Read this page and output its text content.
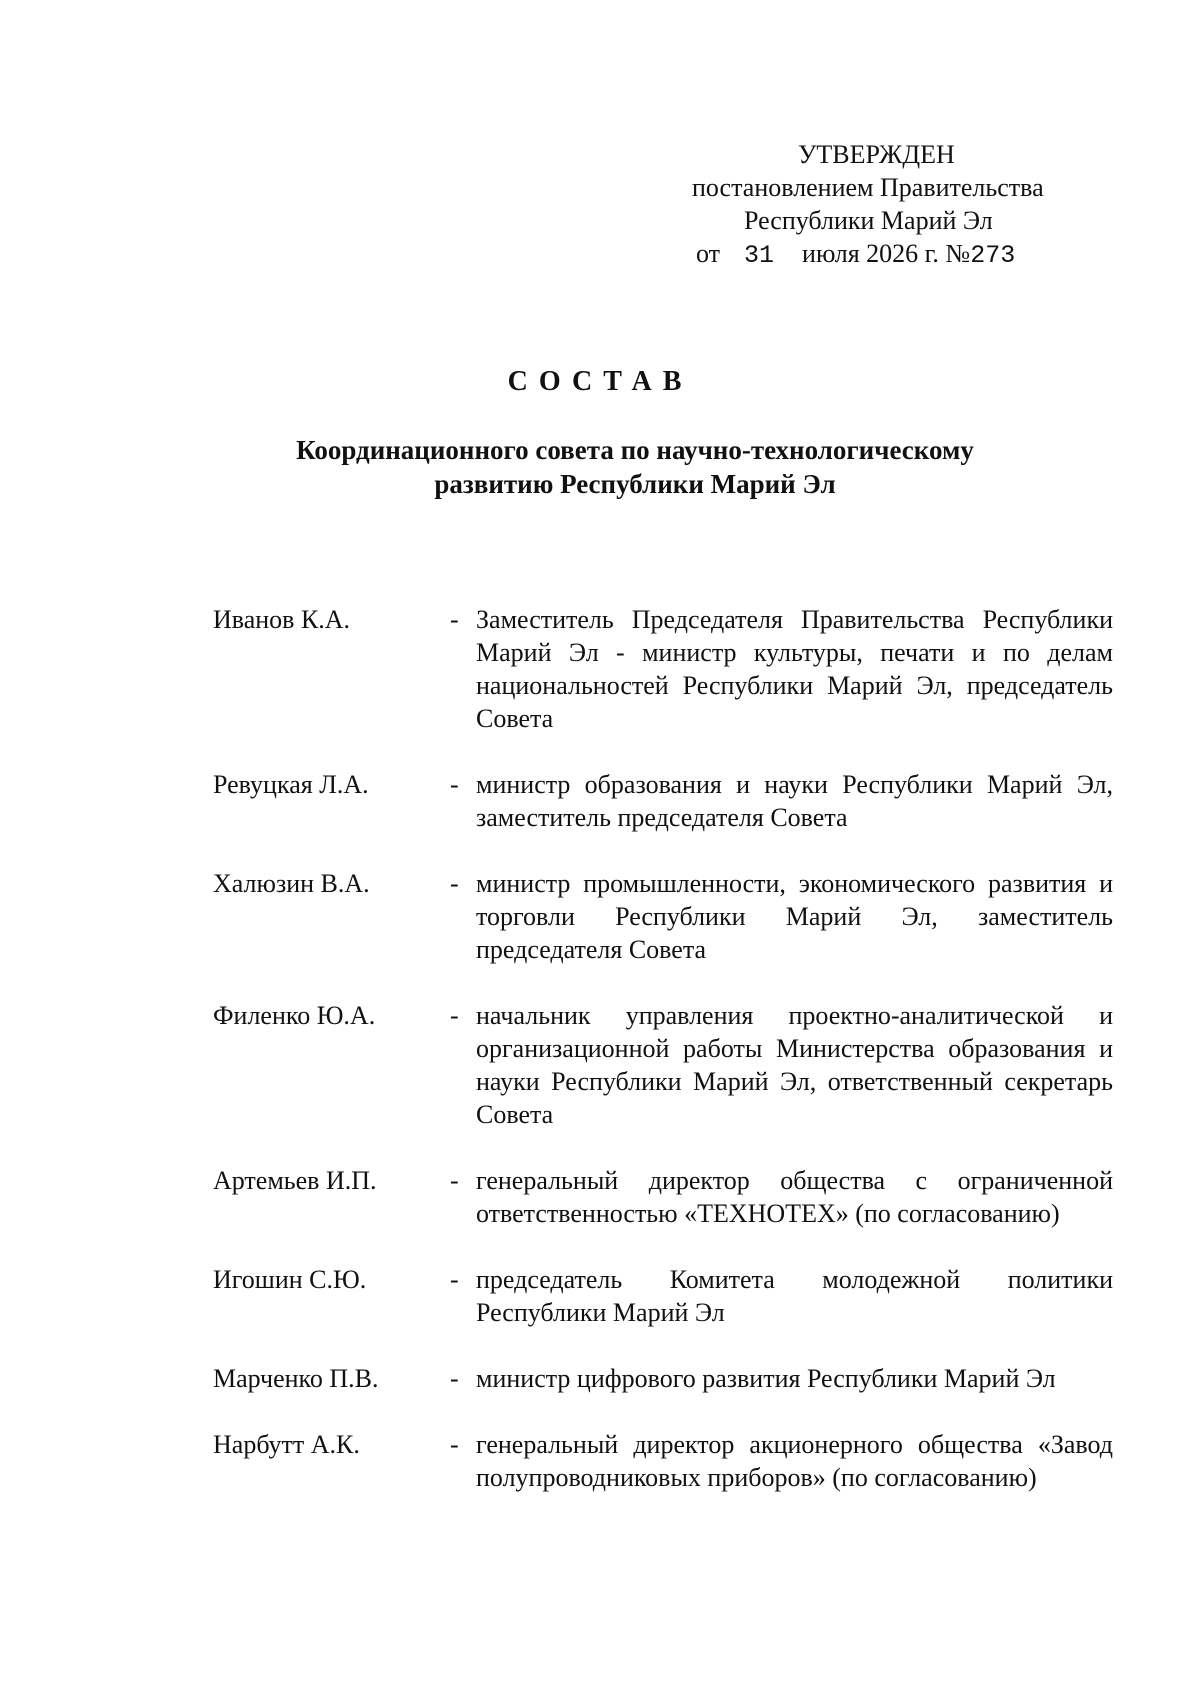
УТВЕРЖДЕН
постановлением Правительства
Республики Марий Эл
от 31 июля 2026 г. №273
СОСТАВ
Координационного совета по научно-технологическому
развитию Республики Марий Эл
Иванов К.А.	- Заместитель Председателя Правительства Республики Марий Эл - министр культуры, печати и по делам национальностей Республики Марий Эл, председатель Совета
Ревуцкая Л.А.	- министр образования и науки Республики Марий Эл, заместитель председателя Совета
Халюзин В.А.	- министр промышленности, экономического развития и торговли Республики Марий Эл, заместитель председателя Совета
Филенко Ю.А.	- начальник управления проектно-аналитической и организационной работы Министерства образования и науки Республики Марий Эл, ответственный секретарь Совета
Артемьев И.П.	- генеральный директор общества с ограниченной ответственностью «ТЕХНОТЕХ» (по согласованию)
Игошин С.Ю.	- председатель Комитета молодежной политики Республики Марий Эл
Марченко П.В.	- министр цифрового развития Республики Марий Эл
Нарбутт А.К.	- генеральный директор акционерного общества «Завод полупроводниковых приборов» (по согласованию)
